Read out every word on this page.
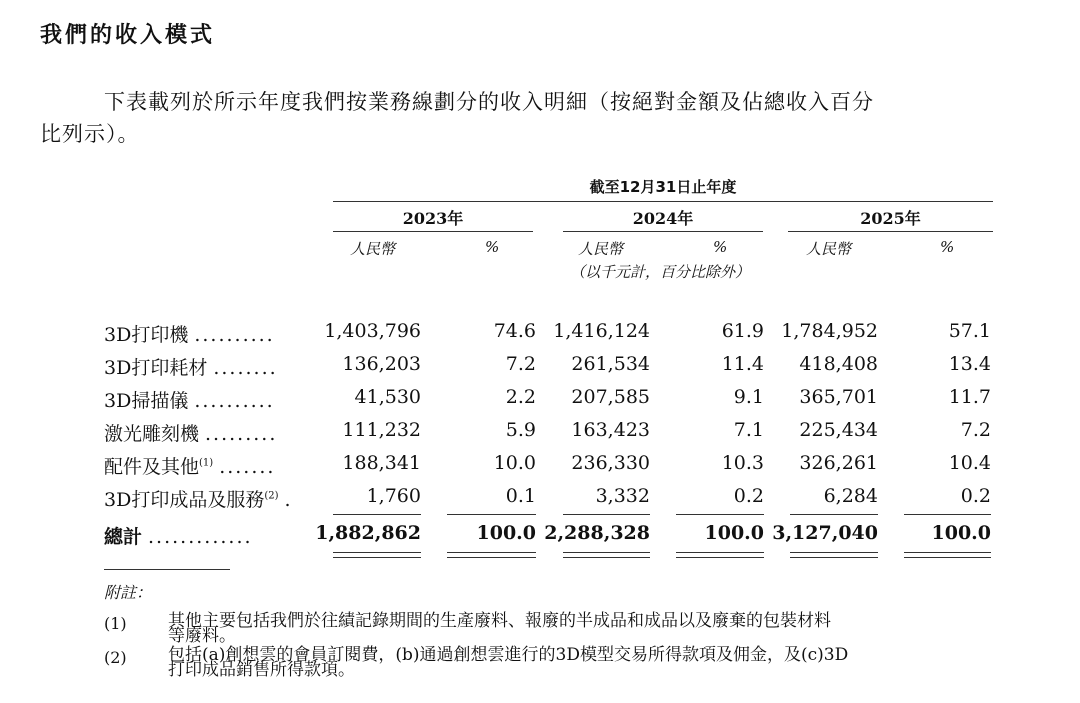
我們的收入模式
下表載列於所示年度我們按業務線劃分的收入明細（按絕對金額及佔總收入百分
比列示）。
截至12月31日止年度
2023年	2024年	2025年
人民幣	%	人民幣	%	人民幣	%
（以千元計，百分比除外）
3D打印機 ..........	1,403,796	74.6 1,416,124	61.9 1,784,952	57.1
3D打印耗材 ........	136,203	7.2 261,534	11.4 418,408	13.4
3D掃描儀 ..........	41,530	2.2 207,585	9.1 365,701	11.7
激光雕刻機 .........	111,232	5.9 163,423	7.1 225,434	7.2
配件及其他$^{(1)}$ .......	188,341	10.0 236,330	10.3 326,261	10.4
3D打印成品及服務$^{(2)}$ .	1,760	0.1	3,332	0.2	6,284	0.2
總計 .............	1,882,862	100.0 2,288,328	100.0 3,127,040	100.0
附註：
(1) 其他主要包括我們於往績記錄期間的生產廢料、報廢的半成品和成品以及廢棄的包裝材料
等廢料。
(2) 包括(a)創想雲的會員訂閱費，(b)通過創想雲進行的3D模型交易所得款項及佣金，及(c)3D
打印成品銷售所得款項。
